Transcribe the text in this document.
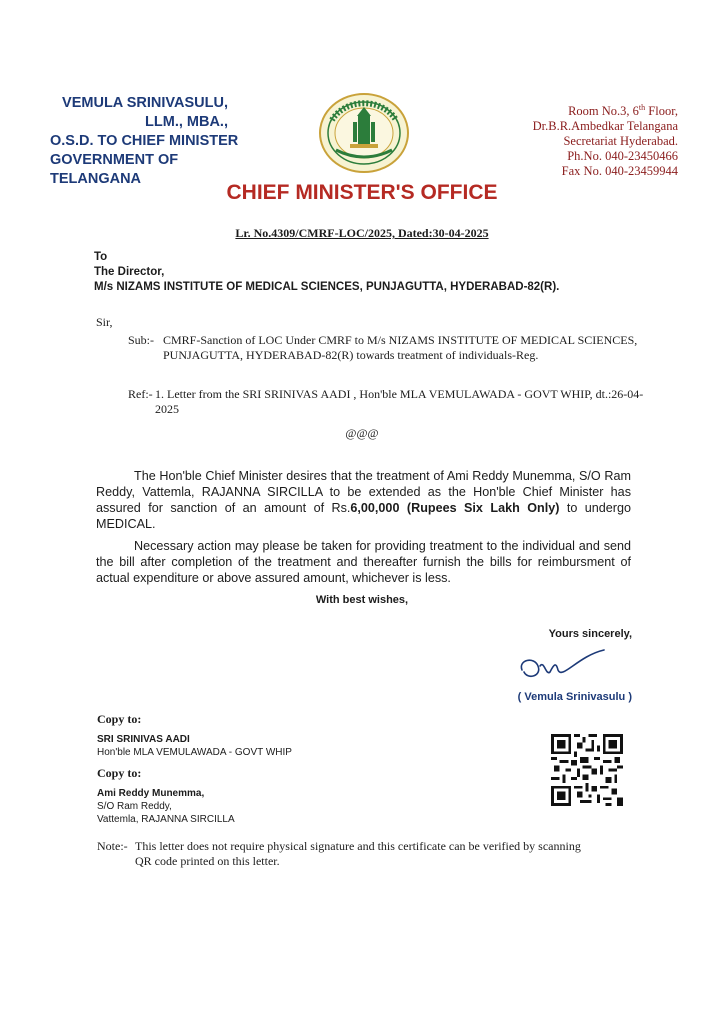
VEMULA SRINIVASULU,
LLM., MBA.,
O.S.D. TO CHIEF MINISTER
GOVERNMENT OF TELANGANA
Room No.3, 6th Floor,
Dr.B.R.Ambedkar Telangana
Secretariat Hyderabad.
Ph.No. 040-23450466
Fax No. 040-23459944
CHIEF MINISTER'S OFFICE
Lr. No.4309/CMRF-LOC/2025, Dated:30-04-2025
To
The Director,
M/s NIZAMS INSTITUTE OF MEDICAL SCIENCES, PUNJAGUTTA, HYDERABAD-82(R).
Sir,
Sub:- CMRF-Sanction of LOC Under CMRF to M/s NIZAMS INSTITUTE OF MEDICAL SCIENCES, PUNJAGUTTA, HYDERABAD-82(R) towards treatment of individuals-Reg.
Ref:- 1. Letter from the SRI SRINIVAS AADI , Hon'ble MLA VEMULAWADA - GOVT WHIP, dt.:26-04-2025
@@@
The Hon'ble Chief Minister desires that the treatment of Ami Reddy Munemma, S/O Ram Reddy, Vattemla, RAJANNA SIRCILLA to be extended as the Hon'ble Chief Minister has assured for sanction of an amount of Rs.6,00,000 (Rupees Six Lakh Only) to undergo MEDICAL.
Necessary action may please be taken for providing treatment to the individual and send the bill after completion of the treatment and thereafter furnish the bills for reimbursment of actual expenditure or above assured amount, whichever is less.
With best wishes,
Yours sincerely,
( Vemula Srinivasulu )
Copy to:
SRI SRINIVAS AADI
Hon'ble MLA VEMULAWADA - GOVT WHIP
Copy to:
Ami Reddy Munemma,
S/O Ram Reddy,
Vattemla, RAJANNA SIRCILLA
Note:- This letter does not require physical signature and this certificate can be verified by scanning QR code printed on this letter.
